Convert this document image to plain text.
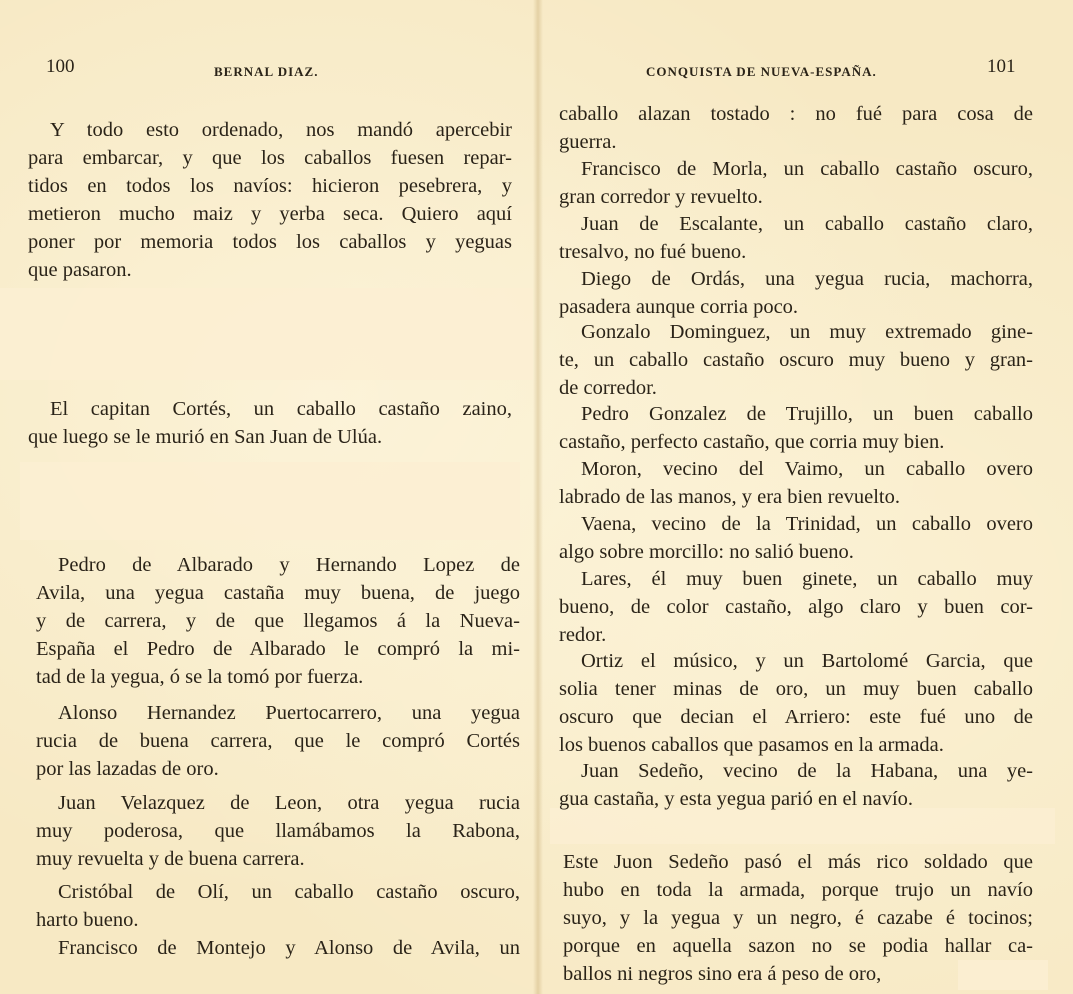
100	BERNAL DIAZ.
Y todo esto ordenado, nos mandó apercebir
para embarcar, y que los caballos fuesen repar-
tidos en todos los navíos: hicieron pesebrera, y
metieron mucho maiz y yerba seca. Quiero aquí
poner por memoria todos los caballos y yeguas
que pasaron.
El capitan Cortés, un caballo castaño zaino,
que luego se le murió en San Juan de Ulúa.
Pedro de Albarado y Hernando Lopez de
Avila, una yegua castaña muy buena, de juego
y de carrera, y de que llegamos á la Nueva-
España el Pedro de Albarado le compró la mi-
tad de la yegua, ó se la tomó por fuerza.
Alonso Hernandez Puertocarrero, una yegua
rucia de buena carrera, que le compró Cortés
por las lazadas de oro.
Juan Velazquez de Leon, otra yegua rucia
muy poderosa, que llamábamos la Rabona,
muy revuelta y de buena carrera.
Cristóbal de Olí, un caballo castaño oscuro,
harto bueno.
Francisco de Montejo y Alonso de Avila, un
CONQUISTA DE NUEVA-ESPAÑA.	101
caballo alazan tostado : no fué para cosa de
guerra.
Francisco de Morla, un caballo castaño oscuro,
gran corredor y revuelto.
Juan de Escalante, un caballo castaño claro,
tresalvo, no fué bueno.
Diego de Ordás, una yegua rucia, machorra,
pasadera aunque corria poco.
Gonzalo Dominguez, un muy extremado gine-
te, un caballo castaño oscuro muy bueno y gran-
de corredor.
Pedro Gonzalez de Trujillo, un buen caballo
castaño, perfecto castaño, que corria muy bien.
Moron, vecino del Vaimo, un caballo overo
labrado de las manos, y era bien revuelto.
Vaena, vecino de la Trinidad, un caballo overo
algo sobre morcillo: no salió bueno.
Lares, él muy buen ginete, un caballo muy
bueno, de color castaño, algo claro y buen cor-
redor.
Ortiz el músico, y un Bartolomé Garcia, que
solia tener minas de oro, un muy buen caballo
oscuro que decian el Arriero: este fué uno de
los buenos caballos que pasamos en la armada.
Juan Sedeño, vecino de la Habana, una ye-
gua castaña, y esta yegua parió en el navío.
Este Juon Sedeño pasó el más rico soldado que
hubo en toda la armada, porque trujo un navío
suyo, y la yegua y un negro, é cazabe é tocinos;
porque en aquella sazon no se podia hallar ca-
ballos ni negros sino era á peso de oro,
